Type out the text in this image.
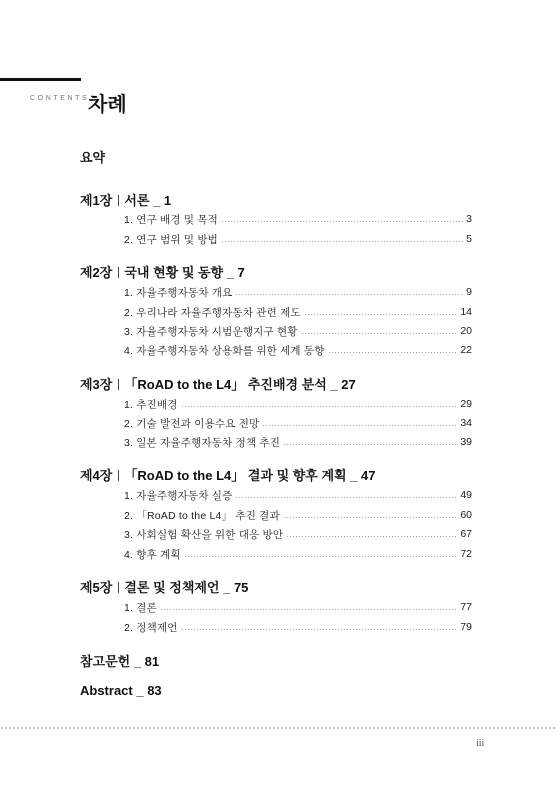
CONTENTS
차례
요약
제1장 서론 _ 1
1. 연구 배경 및 목적	3
2. 연구 범위 및 방법	5
제2장 국내 현황 및 동향 _ 7
1. 자율주행자동차 개요	9
2. 우리나라 자율주행자동차 관련 제도	14
3. 자율주행자동차 시범운행지구 현황	20
4. 자율주행자동차 상용화를 위한 세계 동향	22
제3장 「RoAD to the L4」 추진배경 분석 _ 27
1. 추진배경	29
2. 기술 발전과 이용수요 전망	34
3. 일본 자율주행자동차 정책 추진	39
제4장 「RoAD to the L4」 결과 및 향후 계획 _ 47
1. 자율주행자동차 실증	49
2. 「RoAD to the L4」 추진 결과	60
3. 사회실험 확산을 위한 대응 방안	67
4. 향후 계획	72
제5장 결론 및 정책제언 _ 75
1. 결론	77
2. 정책제언	79
참고문헌 _ 81
Abstract _ 83
iii
